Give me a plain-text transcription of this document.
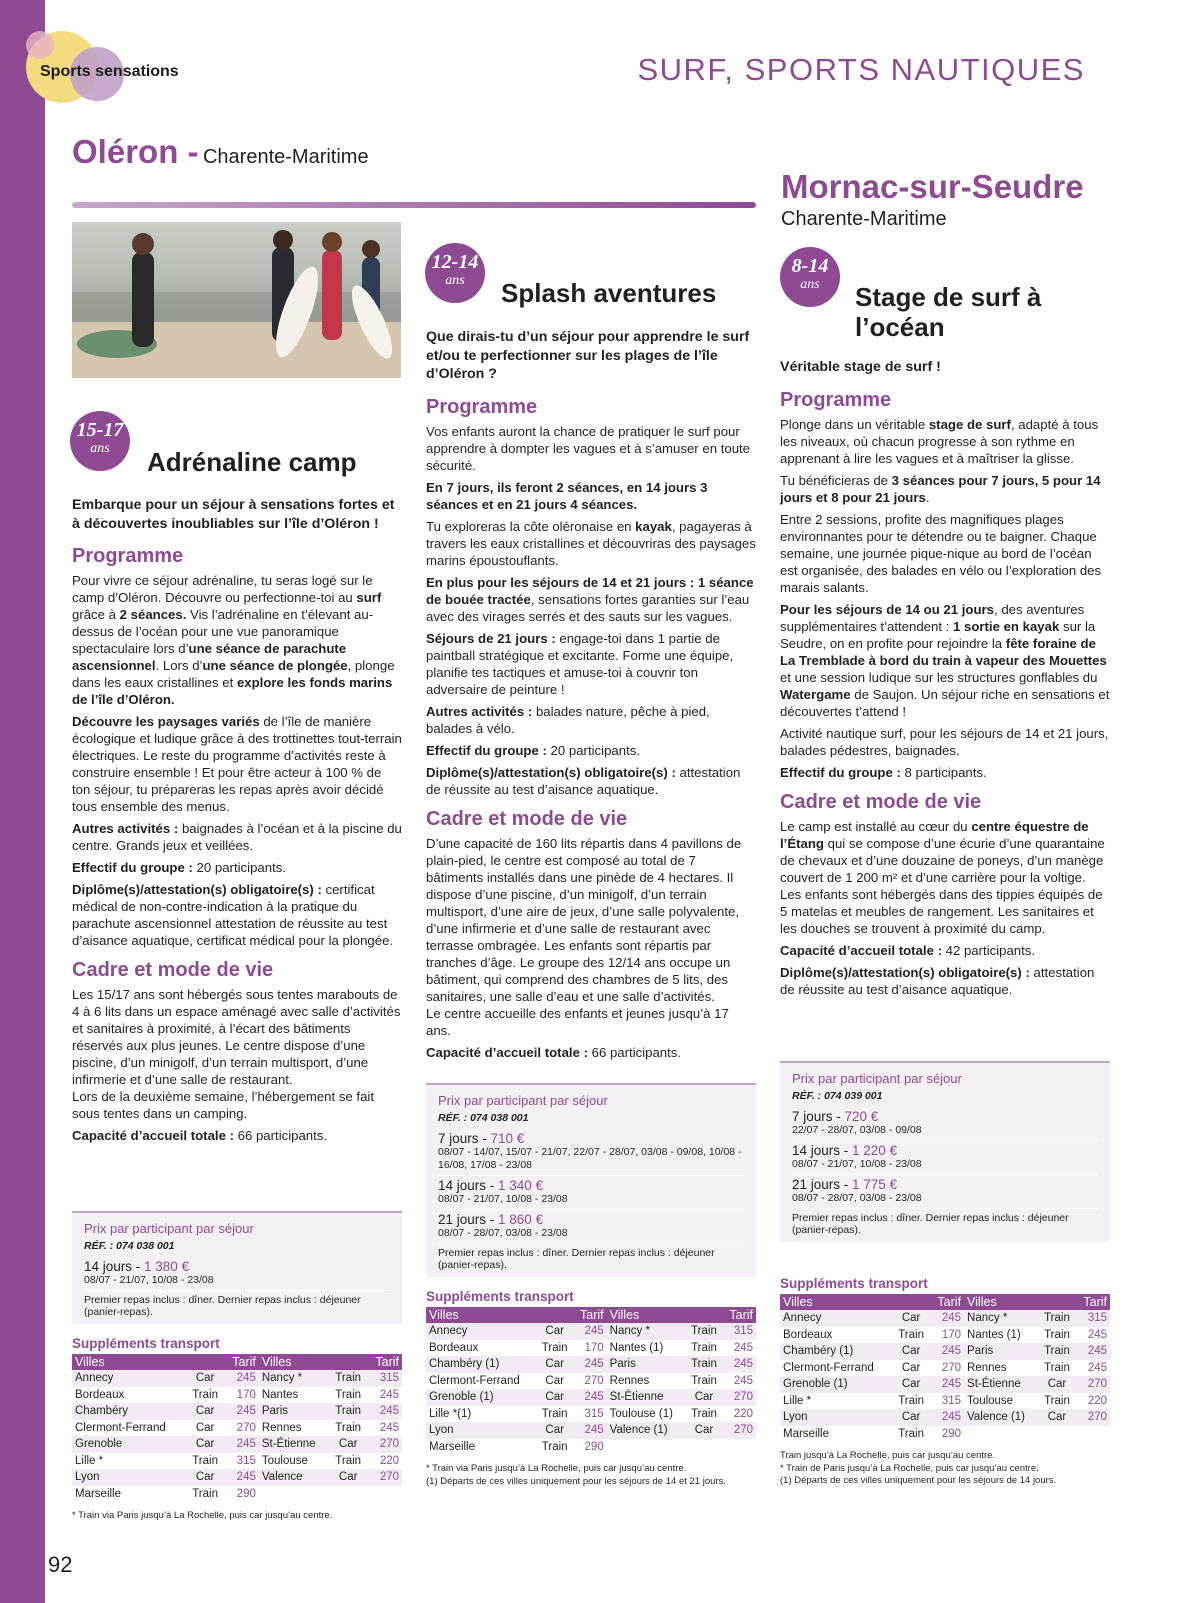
Sports sensations	SURF, SPORTS NAUTIQUES
Oléron - Charente-Maritime
Mornac-sur-Seudre
Charente-Maritime
15-17
ans	Adrénaline camp
Embarque pour un séjour à sensations fortes et à découvertes inoubliables sur l’île d’Oléron !
Programme

Pour vivre ce séjour adrénaline, tu seras logé sur le camp d’Oléron. Découvre ou perfectionne-toi au surf grâce à 2 séances. Vis l’adrénaline en t’élevant au-dessus de l’océan pour une vue panoramique spectaculaire lors d’une séance de parachute ascensionnel. Lors d’une séance de plongée, plonge dans les eaux cristallines et explore les fonds marins de l’île d’Oléron.

Découvre les paysages variés de l’île de manière écologique et ludique grâce à des trottinettes tout-terrain électriques. Le reste du programme d’activités reste à construire ensemble ! Et pour être acteur à 100 % de ton séjour, tu prépareras les repas après avoir décidé tous ensemble des menus.

Autres activités : baignades à l’océan et à la piscine du centre. Grands jeux et veillées.

Effectif du groupe : 20 participants.

Diplôme(s)/attestation(s) obligatoire(s) : certificat médical de non-contre-indication à la pratique du parachute ascensionnel attestation de réussite au test d’aisance aquatique, certificat médical pour la plongée.

Cadre et mode de vie

Les 15/17 ans sont hébergés sous tentes marabouts de 4 à 6 lits dans un espace aménagé avec salle d’activités et sanitaires à proximité, à l’écart des bâtiments réservés aux plus jeunes. Le centre dispose d’une piscine, d’un minigolf, d’un terrain multisport, d’une infirmerie et d’une salle de restaurant.

Lors de la deuxième semaine, l’hébergement se fait sous tentes dans un camping.

Capacité d’accueil totale : 66 participants.

Prix par participant par séjour
RÉF. : 074 038 001
14 jours - 1 380 €
08/07 - 21/07, 10/08 - 23/08
Premier repas inclus : dîner. Dernier repas inclus : déjeuner (panier-repas).
Suppléments transport
Villes		Tarif	Villes		Tarif
Annecy	Car	245	Nancy *	Train	315
Bordeaux	Train	170	Nantes	Train	245
Chambéry	Car	245	Paris	Train	245
Clermont-Ferrand	Car	270	Rennes	Train	245
Grenoble	Car	245	St-Étienne	Car	270
Lille *	Train	315	Toulouse	Train	220
Lyon	Car	245	Valence	Car	270
Marseille	Train	290			
* Train via Paris jusqu’à La Rochelle, puis car jusqu’au centre.
12-14
ans	Splash aventures
Que dirais-tu d’un séjour pour apprendre le surf et/ou te perfectionner sur les plages de l’île d’Oléron ?
Programme

Vos enfants auront la chance de pratiquer le surf pour apprendre à dompter les vagues et à s’amuser en toute sécurité.

En 7 jours, ils feront 2 séances, en 14 jours 3 séances et en 21 jours 4 séances.

Tu exploreras la côte oléronaise en kayak, pagayeras à travers les eaux cristallines et découvriras des paysages marins époustouflants.

En plus pour les séjours de 14 et 21 jours : 1 séance de bouée tractée, sensations fortes garanties sur l’eau avec des virages serrés et des sauts sur les vagues.

Séjours de 21 jours : engage-toi dans 1 partie de paintball stratégique et excitante. Forme une équipe, planifie tes tactiques et amuse-toi à couvrir ton adversaire de peinture !

Autres activités : balades nature, pêche à pied, balades à vélo.

Effectif du groupe : 20 participants.

Diplôme(s)/attestation(s) obligatoire(s) : attestation de réussite au test d’aisance aquatique.

Cadre et mode de vie

D’une capacité de 160 lits répartis dans 4 pavillons de plain-pied, le centre est composé au total de 7 bâtiments installés dans une pinède de 4 hectares. Il dispose d’une piscine, d’un minigolf, d’un terrain multisport, d’une aire de jeux, d’une salle polyvalente, d’une infirmerie et d’une salle de restaurant avec terrasse ombragée. Les enfants sont répartis par tranches d’âge. Le groupe des 12/14 ans occupe un bâtiment, qui comprend des chambres de 5 lits, des sanitaires, une salle d’eau et une salle d’activités.

Le centre accueille des enfants et jeunes jusqu’à 17 ans.

Capacité d’accueil totale : 66 participants.

Prix par participant par séjour
RÉF. : 074 038 001
7 jours - 710 €
08/07 - 14/07, 15/07 - 21/07, 22/07 - 28/07, 03/08 - 09/08, 10/08 - 16/08, 17/08 - 23/08
14 jours - 1 340 €
08/07 - 21/07, 10/08 - 23/08
21 jours - 1 860 €
08/07 - 28/07, 03/08 - 23/08
Premier repas inclus : dîner. Dernier repas inclus : déjeuner (panier-repas).
Suppléments transport
Villes		Tarif	Villes		Tarif
Annecy	Car	245	Nancy *	Train	315
Bordeaux	Train	170	Nantes (1)	Train	245
Chambéry (1)	Car	245	Paris	Train	245
Clermont-Ferrand	Car	270	Rennes	Train	245
Grenoble (1)	Car	245	St-Étienne	Car	270
Lille *(1)	Train	315	Toulouse (1)	Train	220
Lyon	Car	245	Valence (1)	Car	270
Marseille	Train	290			
* Train via Paris jusqu’à La Rochelle, puis car jusqu’au centre.
(1) Départs de ces villes uniquement pour les séjours de 14 et 21 jours.
8-14
ans	Stage de surf à l’océan
Véritable stage de surf !
Programme

Plonge dans un véritable stage de surf, adapté à tous les niveaux, où chacun progresse à son rythme en apprenant à lire les vagues et à maîtriser la glisse.

Tu bénéficieras de 3 séances pour 7 jours, 5 pour 14 jours et 8 pour 21 jours.

Entre 2 sessions, profite des magnifiques plages environnantes pour te détendre ou te baigner. Chaque semaine, une journée pique-nique au bord de l’océan est organisée, des balades en vélo ou l’exploration des marais salants.

Pour les séjours de 14 ou 21 jours, des aventures supplémentaires t’attendent : 1 sortie en kayak sur la Seudre, on en profite pour rejoindre la fête foraine de La Tremblade à bord du train à vapeur des Mouettes et une session ludique sur les structures gonflables du Watergame de Saujon. Un séjour riche en sensations et découvertes t’attend !

Activité nautique surf, pour les séjours de 14 et 21 jours, balades pédestres, baignades.

Effectif du groupe : 8 participants.

Cadre et mode de vie

Le camp est installé au cœur du centre équestre de l’Étang qui se compose d’une écurie d’une quarantaine de chevaux et d’une douzaine de poneys, d’un manège couvert de 1 200 m² et d’une carrière pour la voltige. Les enfants sont hébergés dans des tippies équipés de 5 matelas et meubles de rangement. Les sanitaires et les douches se trouvent à proximité du camp.

Capacité d’accueil totale : 42 participants.

Diplôme(s)/attestation(s) obligatoire(s) : attestation de réussite au test d’aisance aquatique.

Prix par participant par séjour
RÉF. : 074 039 001
7 jours - 720 €
22/07 - 28/07, 03/08 - 09/08
14 jours - 1 220 €
08/07 - 21/07, 10/08 - 23/08
21 jours - 1 775 €
08/07 - 28/07, 03/08 - 23/08
Premier repas inclus : dîner. Dernier repas inclus : déjeuner (panier-repas).
Suppléments transport
Villes		Tarif	Villes		Tarif
Annecy	Car	245	Nancy *	Train	315
Bordeaux	Train	170	Nantes (1)	Train	245
Chambéry (1)	Car	245	Paris	Train	245
Clermont-Ferrand	Car	270	Rennes	Train	245
Grenoble (1)	Car	245	St-Étienne	Car	270
Lille *	Train	315	Toulouse	Train	220
Lyon	Car	245	Valence (1)	Car	270
Marseille	Train	290			
Train jusqu’à La Rochelle, puis car jusqu’au centre.
* Train de Paris jusqu’à La Rochelle, puis car jusqu’au centre.
(1) Départs de ces villes uniquement pour les séjours de 14 jours.
92
